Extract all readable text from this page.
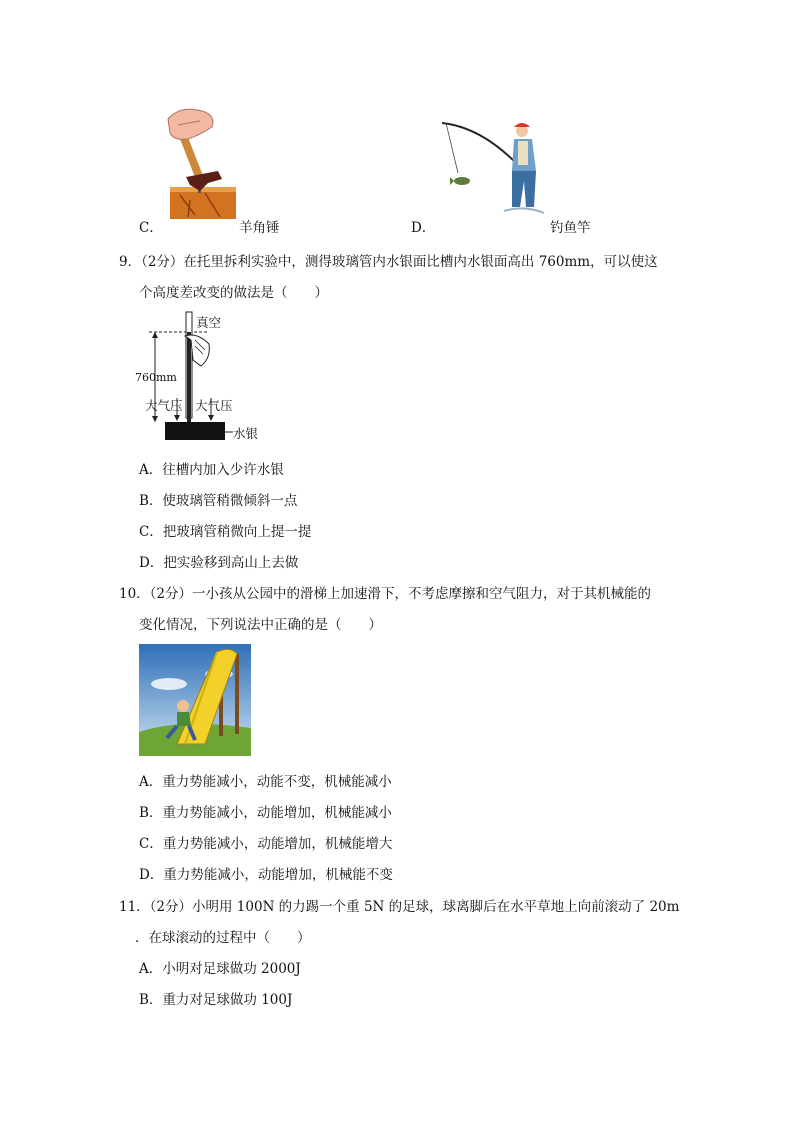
C．	羊角锤	D．	钓鱼竿
9．（2分）在托里拆利实验中，测得玻璃管内水银面比槽内水银面高出 760mm，可以使这
个高度差改变的做法是（　　）
真空
760mm
大气压 大气压
水银
A．往槽内加入少许水银
B．使玻璃管稍微倾斜一点
C．把玻璃管稍微向上提一提
D．把实验移到高山上去做
10．（2分）一小孩从公园中的滑梯上加速滑下，不考虑摩擦和空气阻力，对于其机械能的
变化情况，下列说法中正确的是（　　）
A．重力势能减小，动能不变，机械能减小
B．重力势能减小，动能增加，机械能减小
C．重力势能减小，动能增加，机械能增大
D．重力势能减小，动能增加，机械能不变
11．（2分）小明用 100N 的力踢一个重 5N 的足球，球离脚后在水平草地上向前滚动了 20m
．在球滚动的过程中（　　）
A．小明对足球做功 2000J
B．重力对足球做功 100J
